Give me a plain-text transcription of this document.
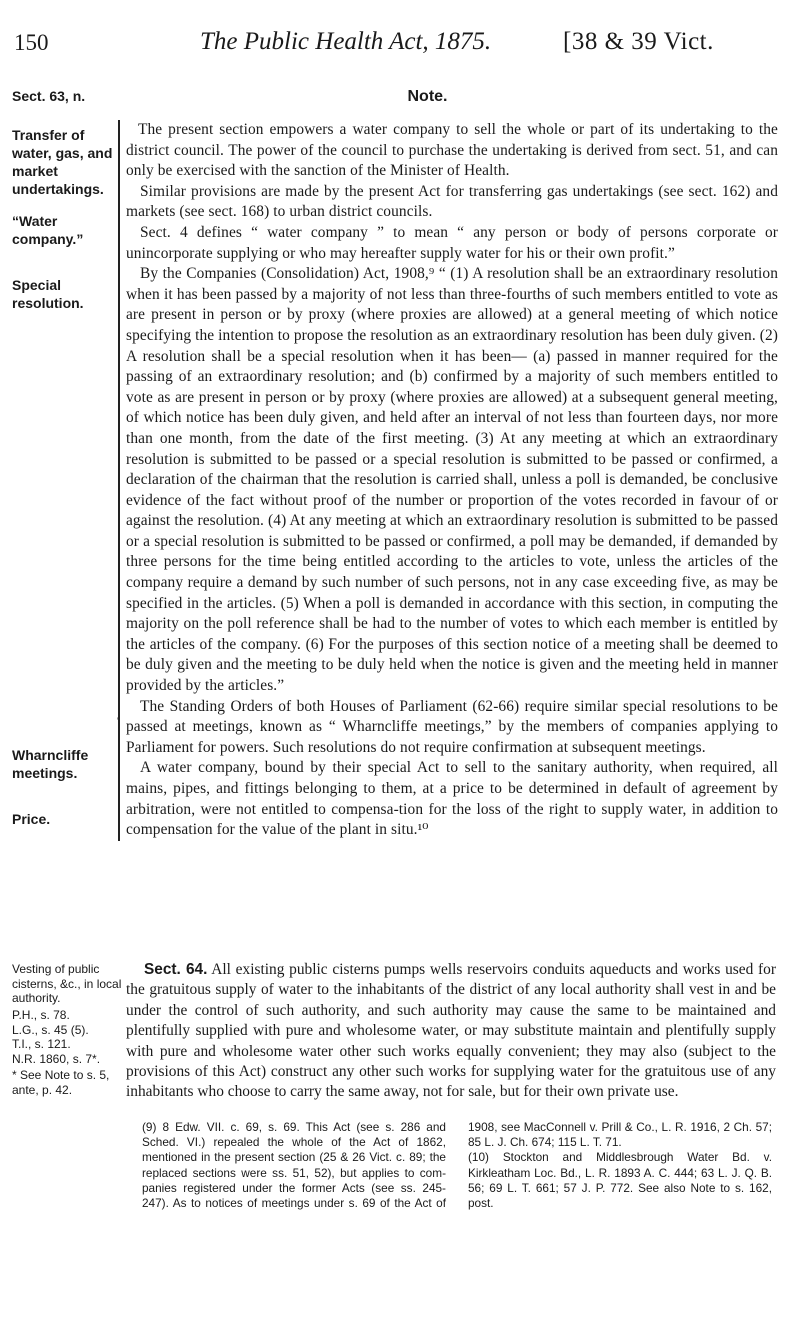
150	The Public Health Act, 1875.	[38 & 39 Vict.
Sect. 63, n.	Note.
Transfer of water, gas, and market undertakings.
“Water company.”
Special resolution.
Wharncliffe meetings.
Price.

The present section empowers a water company to sell the whole or part of its undertaking to the district council. The power of the council to purchase the undertaking is derived from sect. 51, and can only be exercised with the sanction of the Minister of Health.

Similar provisions are made by the present Act for transferring gas undertakings (see sect. 162) and markets (see sect. 168) to urban district councils.

Sect. 4 defines “ water company ” to mean “ any person or body of persons corporate or unincorporate supplying or who may hereafter supply water for his or their own profit.”

By the Companies (Consolidation) Act, 1908,⁹ “ (1) A resolution shall be an extraordinary resolution when it has been passed by a majority of not less than three-fourths of such members entitled to vote as are present in person or by proxy (where proxies are allowed) at a general meeting of which notice specifying the intention to propose the resolution as an extraordinary resolution has been duly given. (2) A resolution shall be a special resolution when it has been— (a) passed in manner required for the passing of an extraordinary resolution; and (b) confirmed by a majority of such members entitled to vote as are present in person or by proxy (where proxies are allowed) at a subsequent general meeting, of which notice has been duly given, and held after an interval of not less than fourteen days, nor more than one month, from the date of the first meeting. (3) At any meeting at which an extraordinary resolution is submitted to be passed or a special resolution is submitted to be passed or confirmed, a declaration of the chairman that the resolution is carried shall, unless a poll is demanded, be conclusive evidence of the fact without proof of the number or proportion of the votes recorded in favour of or against the resolution. (4) At any meeting at which an extraordinary resolution is submitted to be passed or a special resolution is submitted to be passed or confirmed, a poll may be demanded, if demanded by three persons for the time being entitled according to the articles to vote, unless the articles of the company require a demand by such number of such persons, not in any case exceeding five, as may be specified in the articles. (5) When a poll is demanded in accordance with this section, in computing the majority on the poll reference shall be had to the number of votes to which each member is entitled by the articles of the company. (6) For the purposes of this section notice of a meeting shall be deemed to be duly given and the meeting to be duly held when the notice is given and the meeting held in manner provided by the articles.”

The Standing Orders of both Houses of Parliament (62-66) require similar special resolutions to be passed at meetings, known as “ Wharncliffe meetings,” by the members of companies applying to Parliament for powers. Such resolutions do not require confirmation at subsequent meetings.

A water company, bound by their special Act to sell to the sanitary authority, when required, all mains, pipes, and fittings belonging to them, at a price to be determined in default of agreement by arbitration, were not entitled to compensa-tion for the loss of the right to supply water, in addition to compensation for the value of the plant in situ.¹⁰

Vesting of public cisterns, &c., in local authority.
P.H., s. 78.
L.G., s. 45 (5).
T.I., s. 121.
N.R. 1860, s. 7*.
* See Note to s. 5, ante, p. 42.

Sect. 64. All existing public cisterns pumps wells reservoirs conduits aqueducts and works used for the gratuitous supply of water to the inhabitants of the district of any local authority shall vest in and be under the control of such authority, and such authority may cause the same to be maintained and plentifully supplied with pure and wholesome water, or may substitute maintain and plentifully supply with pure and wholesome water other such works equally convenient; they may also (subject to the provisions of this Act) construct any other such works for supplying water for the gratuitous use of any inhabitants who choose to carry the same away, not for sale, but for their own private use.

(9) 8 Edw. VII. c. 69, s. 69. This Act (see s. 286 and Sched. VI.) repealed the whole of the Act of 1862, mentioned in the present section (25 & 26 Vict. c. 89; the replaced sections were ss. 51, 52), but applies to com-panies registered under the former Acts (see ss. 245-247). As to notices of meetings under s. 69 of the Act of 1908, see MacConnell v. Prill & Co., L. R. 1916, 2 Ch. 57; 85 L. J. Ch. 674; 115 L. T. 71.

(10) Stockton and Middlesbrough Water Bd. v. Kirkleatham Loc. Bd., L. R. 1893 A. C. 444; 63 L. J. Q. B. 56; 69 L. T. 661; 57 J. P. 772. See also Note to s. 162, post.
